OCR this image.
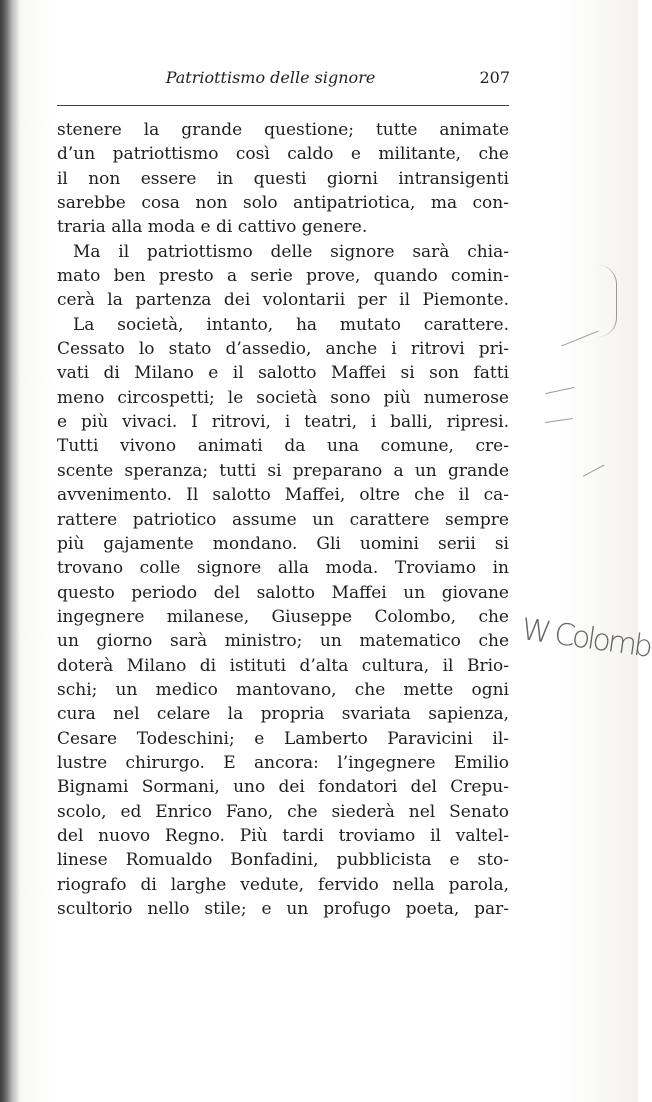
Patriottismo delle signore	207
stenere la grande questione; tutte animate
d’un patriottismo così caldo e militante, che
il non essere in questi giorni intransigenti
sarebbe cosa non solo antipatriotica, ma con-
traria alla moda e di cattivo genere.
Ma il patriottismo delle signore sarà chia-
mato ben presto a serie prove, quando comin-
cerà la partenza dei volontarii per il Piemonte.
La società, intanto, ha mutato carattere.
Cessato lo stato d’assedio, anche i ritrovi pri-
vati di Milano e il salotto Maffei si son fatti
meno circospetti; le società sono più numerose
e più vivaci. I ritrovi, i teatri, i balli, ripresi.
Tutti vivono animati da una comune, cre-
scente speranza; tutti si preparano a un grande
avvenimento. Il salotto Maffei, oltre che il ca-
rattere patriotico assume un carattere sempre
più gajamente mondano. Gli uomini serii si
trovano colle signore alla moda. Troviamo in
questo periodo del salotto Maffei un giovane
ingegnere milanese, Giuseppe Colombo, che
un giorno sarà ministro; un matematico che
doterà Milano di istituti d’alta cultura, il Brio-
schi; un medico mantovano, che mette ogni
cura nel celare la propria svariata sapienza,
Cesare Todeschini; e Lamberto Paravicini il-
lustre chirurgo. E ancora: l’ingegnere Emilio
Bignami Sormani, uno dei fondatori del Crepu-
scolo, ed Enrico Fano, che siederà nel Senato
del nuovo Regno. Più tardi troviamo il valtel-
linese Romualdo Bonfadini, pubblicista e sto-
riografo di larghe vedute, fervido nella parola,
scultorio nello stile; e un profugo poeta, par-
W Colomb
